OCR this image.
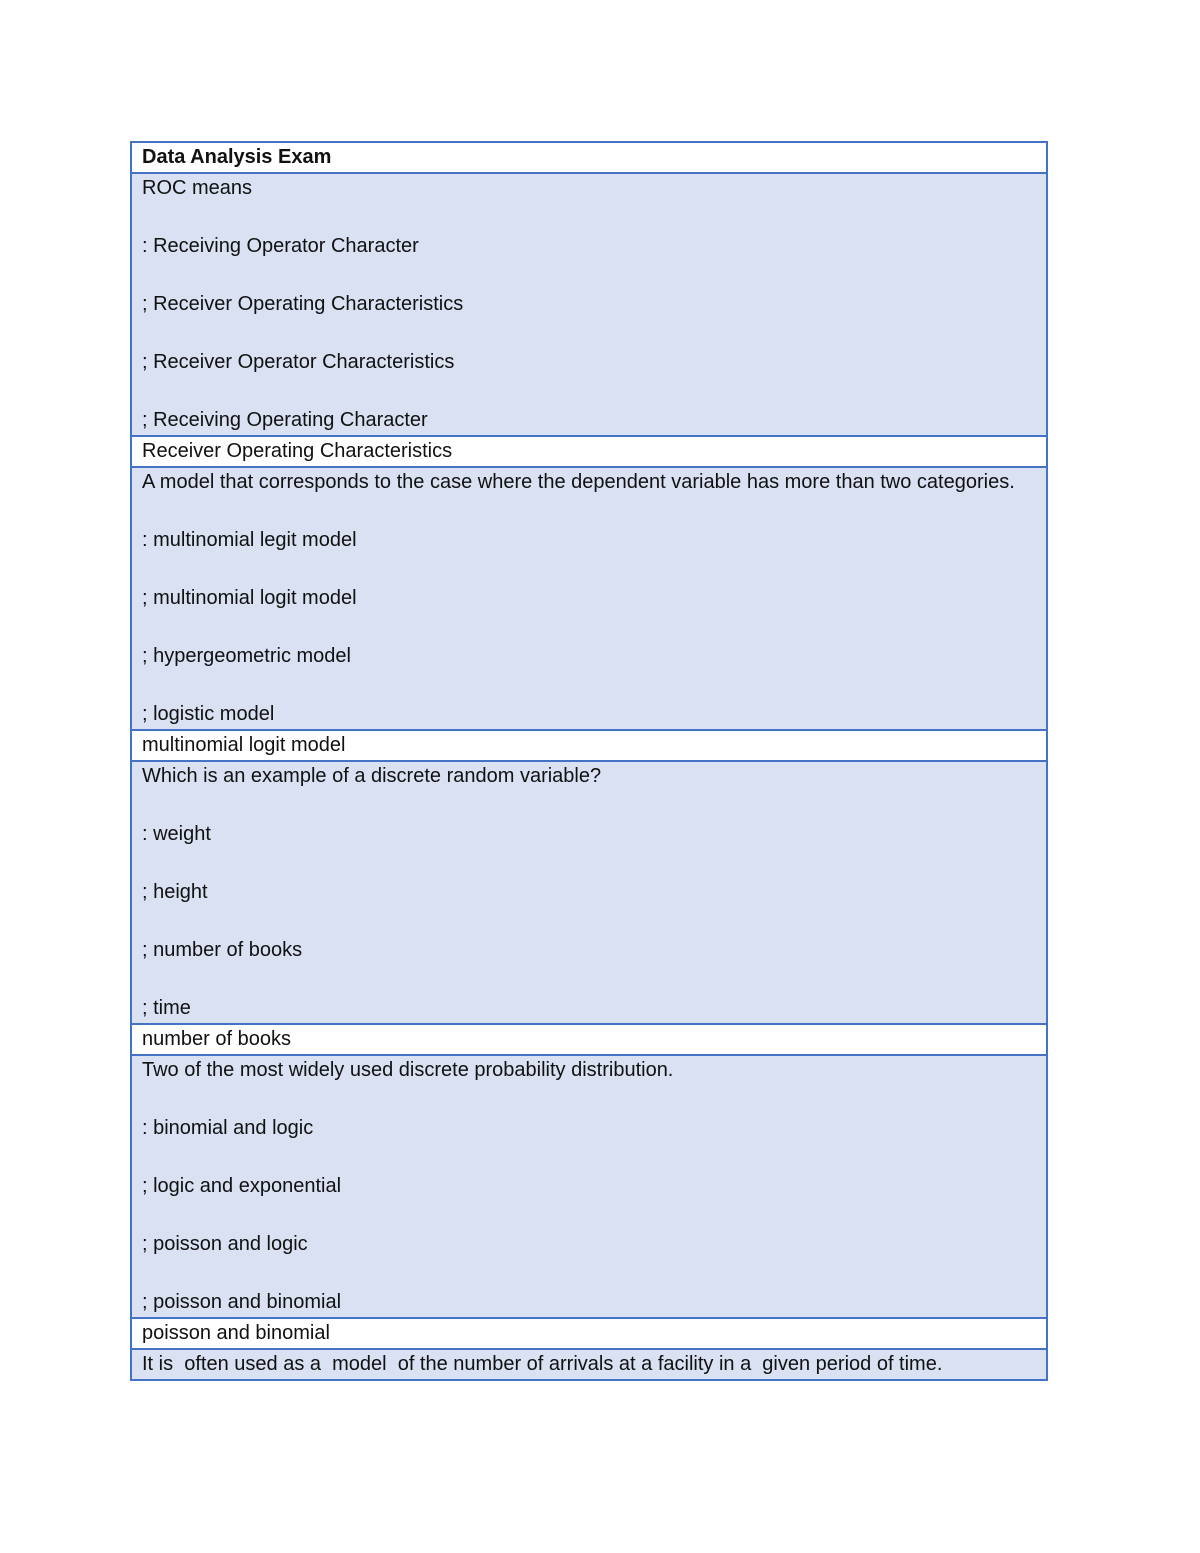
Data Analysis Exam

ROC means
: Receiving Operator Character
; Receiver Operating Characteristics
; Receiver Operator Characteristics
; Receiving Operating Character

Receiver Operating Characteristics

A model that corresponds to the case where the dependent variable has more than two categories.
: multinomial legit model
; multinomial logit model
; hypergeometric model
; logistic model

multinomial logit model

Which is an example of a discrete random variable?
: weight
; height
; number of books
; time

number of books

Two of the most widely used discrete probability distribution.
: binomial and logic
; logic and exponential
; poisson and logic
; poisson and binomial

poisson and binomial

It is  often used as a  model  of the number of arrivals at a facility in a  given period of time.
